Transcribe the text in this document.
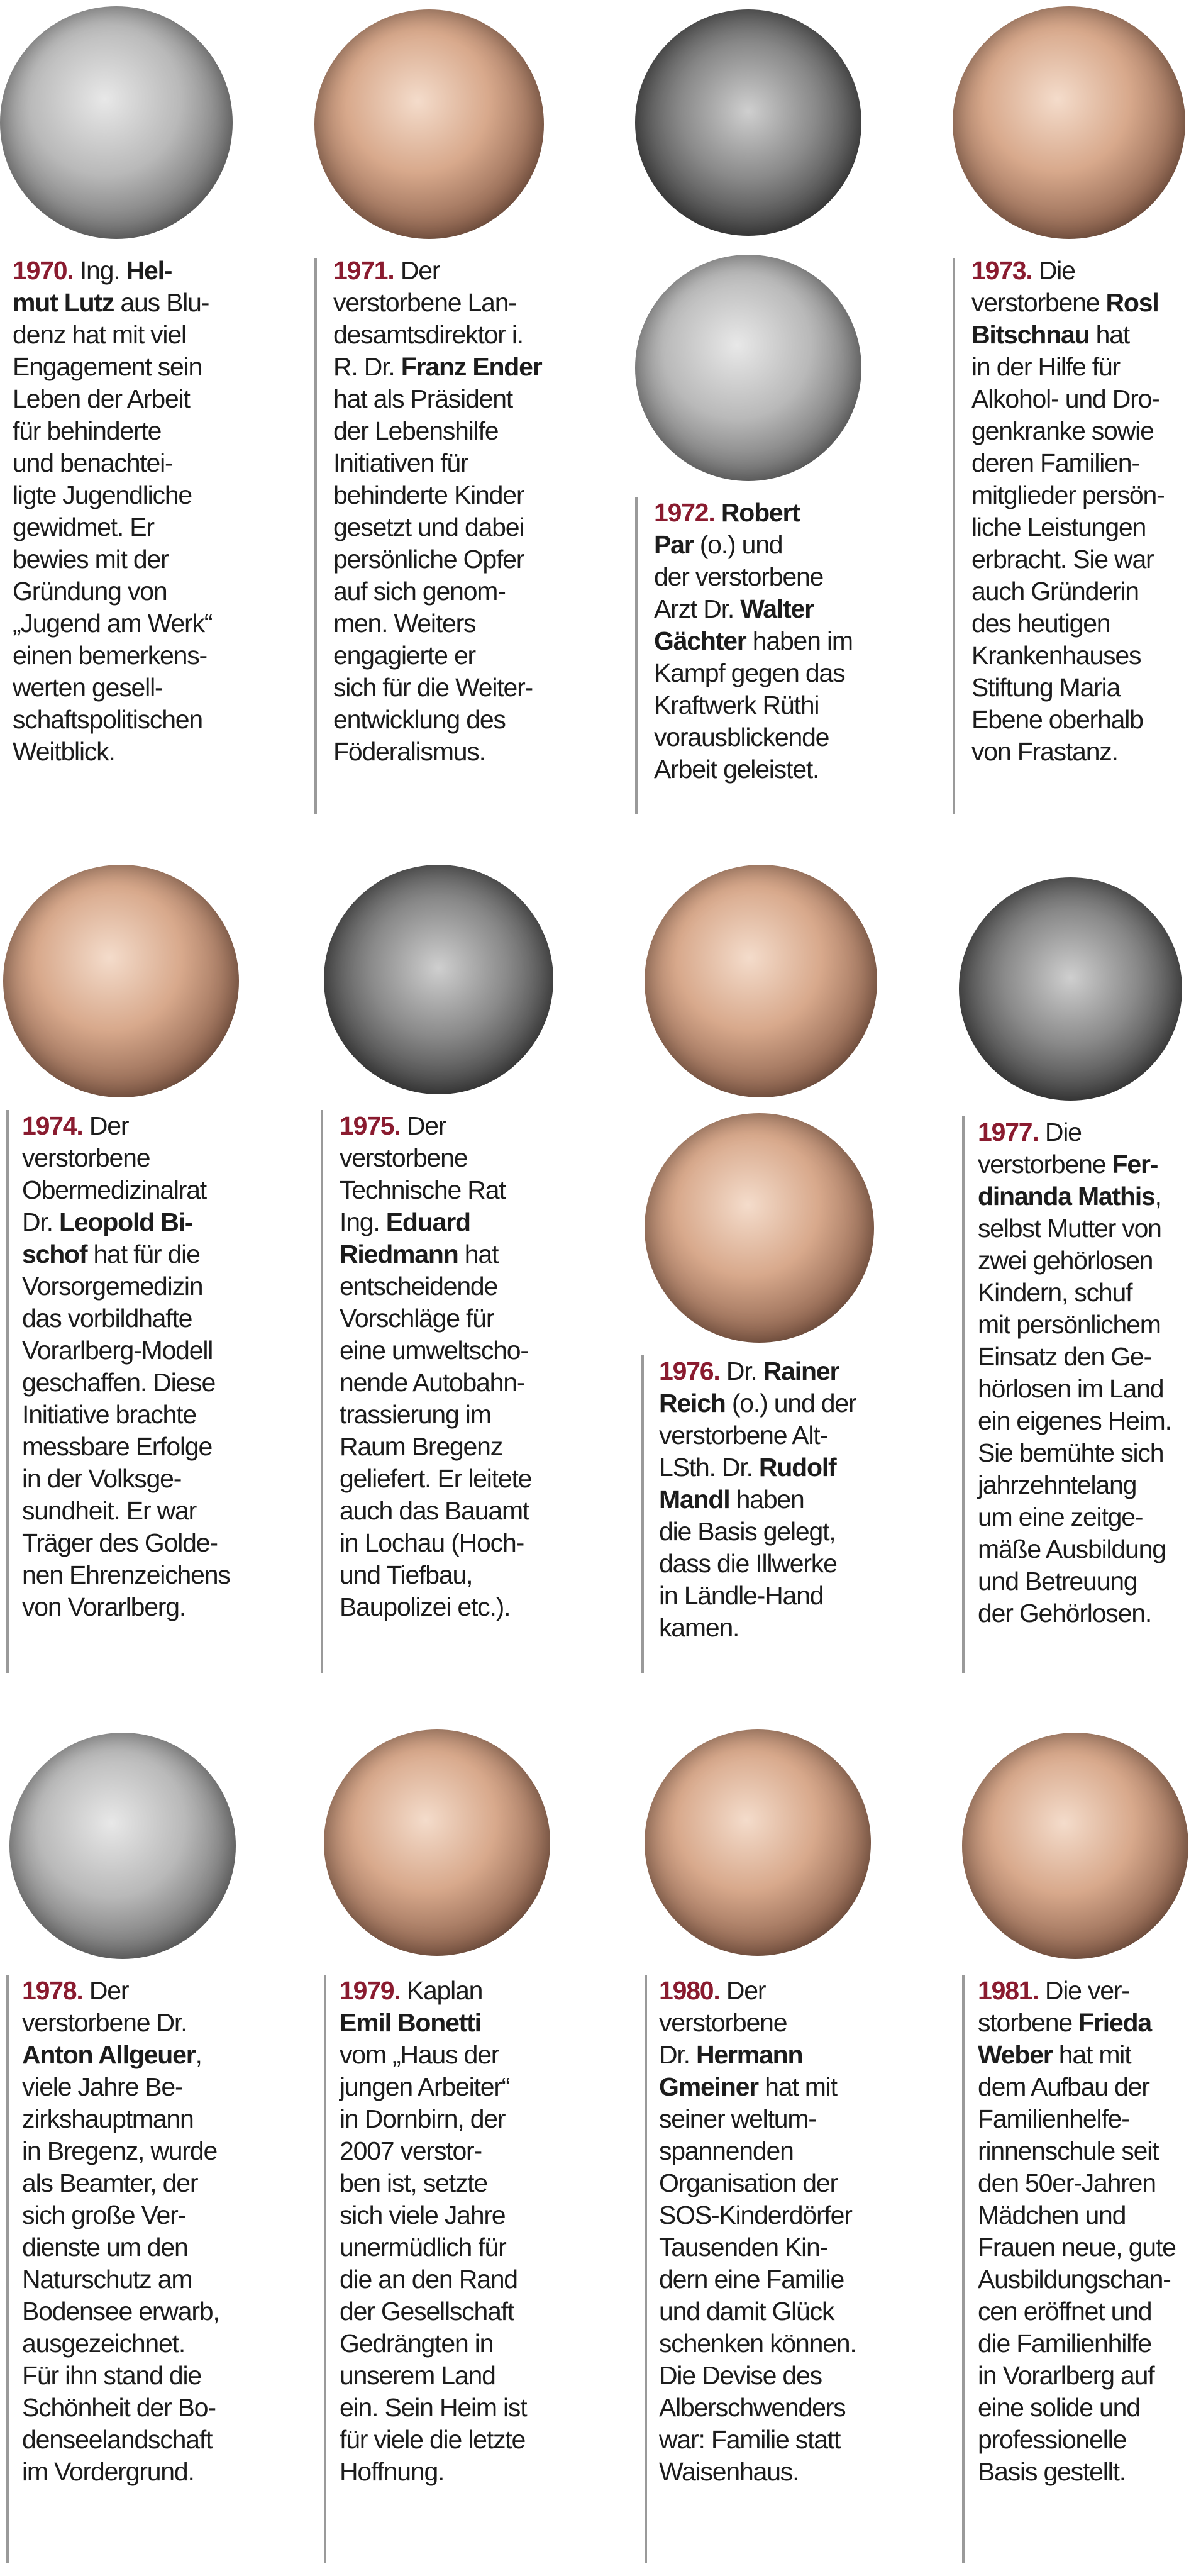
1970. Ing. Hel-
mut Lutz aus Blu-
denz hat mit viel
Engagement sein
Leben der Arbeit
für behinderte
und benachtei-
ligte Jugendliche
gewidmet. Er
bewies mit der
Gründung von
„Jugend am Werk“
einen bemerkens-
werten gesell-
schaftspolitischen
Weitblick.
1971. Der
verstorbene Lan-
desamtsdirektor i.
R. Dr. Franz Ender
hat als Präsident
der Lebenshilfe
Initiativen für
behinderte Kinder
gesetzt und dabei
persönliche Opfer
auf sich genom-
men. Weiters
engagierte er
sich für die Weiter-
entwicklung des
Föderalismus.
1972. Robert
Par (o.) und
der verstorbene
Arzt Dr. Walter
Gächter haben im
Kampf gegen das
Kraftwerk Rüthi
vorausblickende
Arbeit geleistet.
1973. Die
verstorbene Rosl
Bitschnau hat
in der Hilfe für
Alkohol- und Dro-
genkranke sowie
deren Familien-
mitglieder persön-
liche Leistungen
erbracht. Sie war
auch Gründerin
des heutigen
Krankenhauses
Stiftung Maria
Ebene oberhalb
von Frastanz.
1974. Der
verstorbene
Obermedizinalrat
Dr. Leopold Bi-
schof hat für die
Vorsorgemedizin
das vorbildhafte
Vorarlberg-Modell
geschaffen. Diese
Initiative brachte
messbare Erfolge
in der Volksge-
sundheit. Er war
Träger des Golde-
nen Ehrenzeichens
von Vorarlberg.
1975. Der
verstorbene
Technische Rat
Ing. Eduard
Riedmann hat
entscheidende
Vorschläge für
eine umweltscho-
nende Autobahn-
trassierung im
Raum Bregenz
geliefert. Er leitete
auch das Bauamt
in Lochau (Hoch-
und Tiefbau,
Baupolizei etc.).
1976. Dr. Rainer
Reich (o.) und der
verstorbene Alt-
LSth. Dr. Rudolf
Mandl haben
die Basis gelegt,
dass die Illwerke
in Ländle-Hand
kamen.
1977. Die
verstorbene Fer-
dinanda Mathis,
selbst Mutter von
zwei gehörlosen
Kindern, schuf
mit persönlichem
Einsatz den Ge-
hörlosen im Land
ein eigenes Heim.
Sie bemühte sich
jahrzehntelang
um eine zeitge-
mäße Ausbildung
und Betreuung
der Gehörlosen.
1978. Der
verstorbene Dr.
Anton Allgeuer,
viele Jahre Be-
zirkshauptmann
in Bregenz, wurde
als Beamter, der
sich große Ver-
dienste um den
Naturschutz am
Bodensee erwarb,
ausgezeichnet.
Für ihn stand die
Schönheit der Bo-
denseelandschaft
im Vordergrund.
1979. Kaplan
Emil Bonetti
vom „Haus der
jungen Arbeiter“
in Dornbirn, der
2007 verstor-
ben ist, setzte
sich viele Jahre
unermüdlich für
die an den Rand
der Gesellschaft
Gedrängten in
unserem Land
ein. Sein Heim ist
für viele die letzte
Hoffnung.
1980. Der
verstorbene
Dr. Hermann
Gmeiner hat mit
seiner weltum-
spannenden
Organisation der
SOS-Kinderdörfer
Tausenden Kin-
dern eine Familie
und damit Glück
schenken können.
Die Devise des
Alberschwenders
war: Familie statt
Waisenhaus.
1981. Die ver-
storbene Frieda
Weber hat mit
dem Aufbau der
Familienhelfe-
rinnenschule seit
den 50er-Jahren
Mädchen und
Frauen neue, gute
Ausbildungschan-
cen eröffnet und
die Familienhilfe
in Vorarlberg auf
eine solide und
professionelle
Basis gestellt.
